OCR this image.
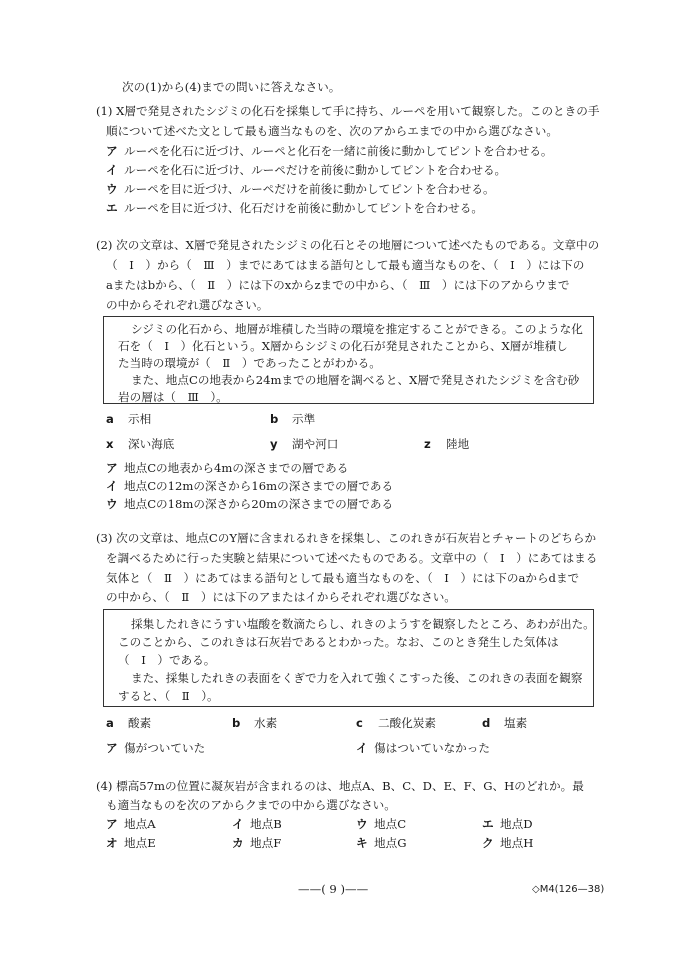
次の(1)から(4)までの問いに答えなさい。
(1) X層で発見されたシジミの化石を採集して手に持ち、ルーペを用いて観察した。このときの手
順について述べた文として最も適当なものを、次のアからエまでの中から選びなさい。
ア ルーペを化石に近づけ、ルーペと化石を一緒に前後に動かしてピントを合わせる。
イ ルーペを化石に近づけ、ルーペだけを前後に動かしてピントを合わせる。
ウ ルーペを目に近づけ、ルーペだけを前後に動かしてピントを合わせる。
エ ルーペを目に近づけ、化石だけを前後に動かしてピントを合わせる。
(2) 次の文章は、X層で発見されたシジミの化石とその地層について述べたものである。文章中の
（　Ⅰ　）から（　Ⅲ　）までにあてはまる語句として最も適当なものを、（　Ⅰ　）には下の
aまたはbから、（　Ⅱ　）には下のxからzまでの中から、（　Ⅲ　）には下のアからウまで
の中からそれぞれ選びなさい。
シジミの化石から、地層が堆積した当時の環境を推定することができる。このような化
石を（　Ⅰ　）化石という。X層からシジミの化石が発見されたことから、X層が堆積し
た当時の環境が（　Ⅱ　）であったことがわかる。
また、地点Cの地表から24mまでの地層を調べると、X層で発見されたシジミを含む砂
岩の層は（　Ⅲ　）。
a 示相	b 示準
x 深い海底	y 湖や河口	z 陸地
ア 地点Cの地表から4mの深さまでの層である
イ 地点Cの12mの深さから16mの深さまでの層である
ウ 地点Cの18mの深さから20mの深さまでの層である
(3) 次の文章は、地点CのY層に含まれるれきを採集し、このれきが石灰岩とチャートのどちらか
を調べるために行った実験と結果について述べたものである。文章中の（　Ⅰ　）にあてはまる
気体と（　Ⅱ　）にあてはまる語句として最も適当なものを、（　Ⅰ　）には下のaからdまで
の中から、（　Ⅱ　）には下のアまたはイからそれぞれ選びなさい。
採集したれきにうすい塩酸を数滴たらし、れきのようすを観察したところ、あわが出た。
このことから、このれきは石灰岩であるとわかった。なお、このとき発生した気体は
（　Ⅰ　）である。
また、採集したれきの表面をくぎで力を入れて強くこすった後、このれきの表面を観察
すると、（　Ⅱ　）。
a 酸素	b 水素	c 二酸化炭素	d 塩素
ア 傷がついていた	イ 傷はついていなかった
(4) 標高57mの位置に凝灰岩が含まれるのは、地点A、B、C、D、E、F、G、Hのどれか。最
も適当なものを次のアからクまでの中から選びなさい。
ア 地点A	イ 地点B	ウ 地点C	エ 地点D
オ 地点E	カ 地点F	キ 地点G	ク 地点H
——( 9 )——	◇M4(126—38)
